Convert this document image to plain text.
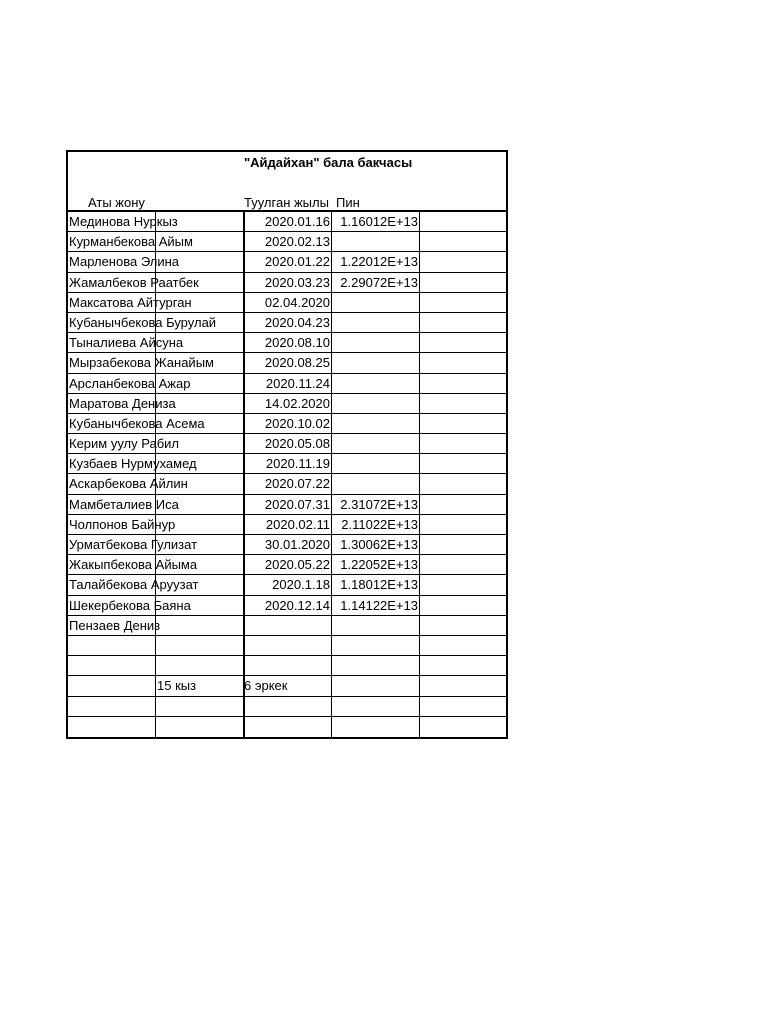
"Айдайхан" бала бакчасы
Аты жону	Туулган жылы Пин
Мединова Нуркыз	2020.01.16 1.16012E+13
Курманбекова Айым	2020.02.13
Марленова Элина	2020.01.22 1.22012E+13
Жамалбеков Раатбек	2020.03.23 2.29072E+13
Максатова Айтурган	02.04.2020
Кубанычбекова Бурулай	2020.04.23
Тыналиева Айсуна	2020.08.10
Мырзабекова Жанайым	2020.08.25
Арсланбекова Ажар	2020.11.24
Маратова Дениза	14.02.2020
Кубанычбекова Асема	2020.10.02
Керим уулу Рабил	2020.05.08
Кузбаев Нурмухамед	2020.11.19
Аскарбекова Айлин	2020.07.22
Мамбеталиев Иса	2020.07.31 2.31072E+13
Чолпонов Байнур	2020.02.11 2.11022E+13
Урматбекова Гулизат	30.01.2020 1.30062E+13
Жакыпбекова Айыма	2020.05.22 1.22052E+13
Талайбекова Аруузат	2020.1.18 1.18012E+13
Шекербекова Баяна	2020.12.14 1.14122E+13
Пензаев Дениз
15 кыз	6 эркек
